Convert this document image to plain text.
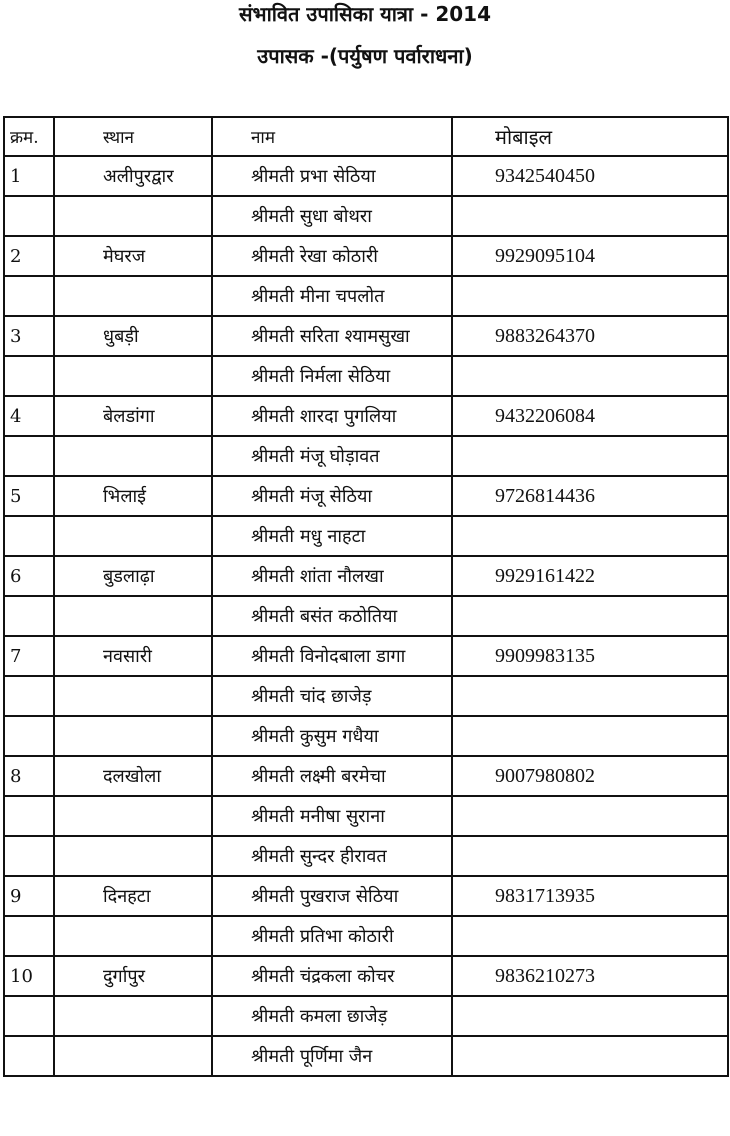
संभावित उपासिका यात्रा - 2014
उपासक -(पर्युषण पर्वाराधना)
क्रम.	स्थान	नाम	मोबाइल
1	अलीपुरद्वार	श्रीमती प्रभा सेठिया	9342540450
		श्रीमती सुधा बोथरा	
2	मेघरज	श्रीमती रेखा कोठारी	9929095104
		श्रीमती मीना चपलोत	
3	धुबड़ी	श्रीमती सरिता श्यामसुखा	9883264370
		श्रीमती निर्मला सेठिया	
4	बेलडांगा	श्रीमती शारदा पुगलिया	9432206084
		श्रीमती मंजू घोड़ावत	
5	भिलाई	श्रीमती मंजू सेठिया	9726814436
		श्रीमती मधु नाहटा	
6	बुडलाढ़ा	श्रीमती शांता नौलखा	9929161422
		श्रीमती बसंत कठोतिया	
7	नवसारी	श्रीमती विनोदबाला डागा	9909983135
		श्रीमती चांद छाजेड़	
		श्रीमती कुसुम गधैया	
8	दलखोला	श्रीमती लक्ष्मी बरमेचा	9007980802
		श्रीमती मनीषा सुराना	
		श्रीमती सुन्दर हीरावत	
9	दिनहटा	श्रीमती पुखराज सेठिया	9831713935
		श्रीमती प्रतिभा कोठारी	
10	दुर्गापुर	श्रीमती चंद्रकला कोचर	9836210273
		श्रीमती कमला छाजेड़	
		श्रीमती पूर्णिमा जैन	
